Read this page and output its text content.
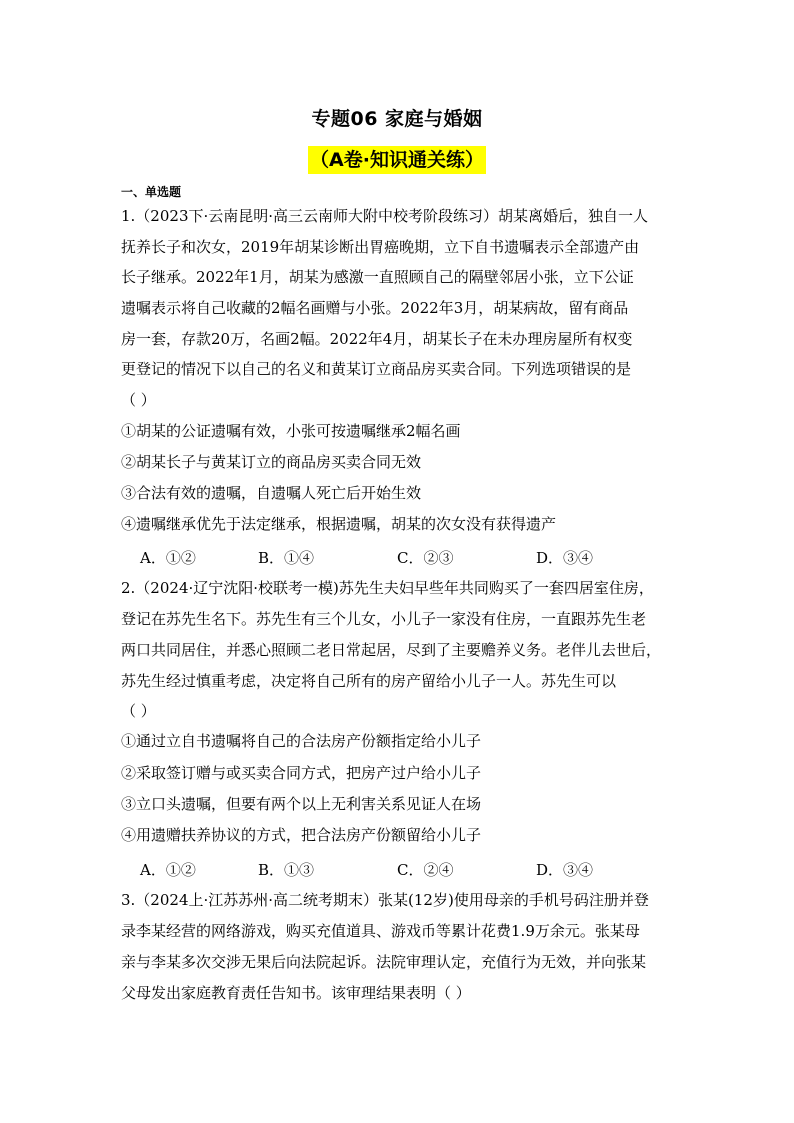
专题06 家庭与婚姻
（A卷·知识通关练）
一、单选题
1.（2023下·云南昆明·高三云南师大附中校考阶段练习）胡某离婚后，独自一人
抚养长子和次女，2019年胡某诊断出胃癌晚期，立下自书遗嘱表示全部遗产由
长子继承。2022年1月，胡某为感激一直照顾自己的隔壁邻居小张，立下公证
遗嘱表示将自己收藏的2幅名画赠与小张。2022年3月，胡某病故，留有商品
房一套，存款20万，名画2幅。2022年4月，胡某长子在未办理房屋所有权变
更登记的情况下以自己的名义和黄某订立商品房买卖合同。下列选项错误的是
（ ）
①胡某的公证遗嘱有效，小张可按遗嘱继承2幅名画
②胡某长子与黄某订立的商品房买卖合同无效
③合法有效的遗嘱，自遗嘱人死亡后开始生效
④遗嘱继承优先于法定继承，根据遗嘱，胡某的次女没有获得遗产
A．①②	B．①④	C．②③	D．③④
2.（2024·辽宁沈阳·校联考一模)苏先生夫妇早些年共同购买了一套四居室住房，
登记在苏先生名下。苏先生有三个儿女，小儿子一家没有住房，一直跟苏先生老
两口共同居住，并悉心照顾二老日常起居，尽到了主要赡养义务。老伴儿去世后，
苏先生经过慎重考虑，决定将自己所有的房产留给小儿子一人。苏先生可以
（ ）
①通过立自书遗嘱将自己的合法房产份额指定给小儿子
②采取签订赠与或买卖合同方式，把房产过户给小儿子
③立口头遗嘱，但要有两个以上无利害关系见证人在场
④用遗赠扶养协议的方式，把合法房产份额留给小儿子
A．①②	B．①③	C．②④	D．③④
3.（2024上·江苏苏州·高二统考期末）张某(12岁)使用母亲的手机号码注册并登
录李某经营的网络游戏，购买充值道具、游戏币等累计花费1.9万余元。张某母
亲与李某多次交涉无果后向法院起诉。法院审理认定，充值行为无效，并向张某
父母发出家庭教育责任告知书。该审理结果表明（ ）
